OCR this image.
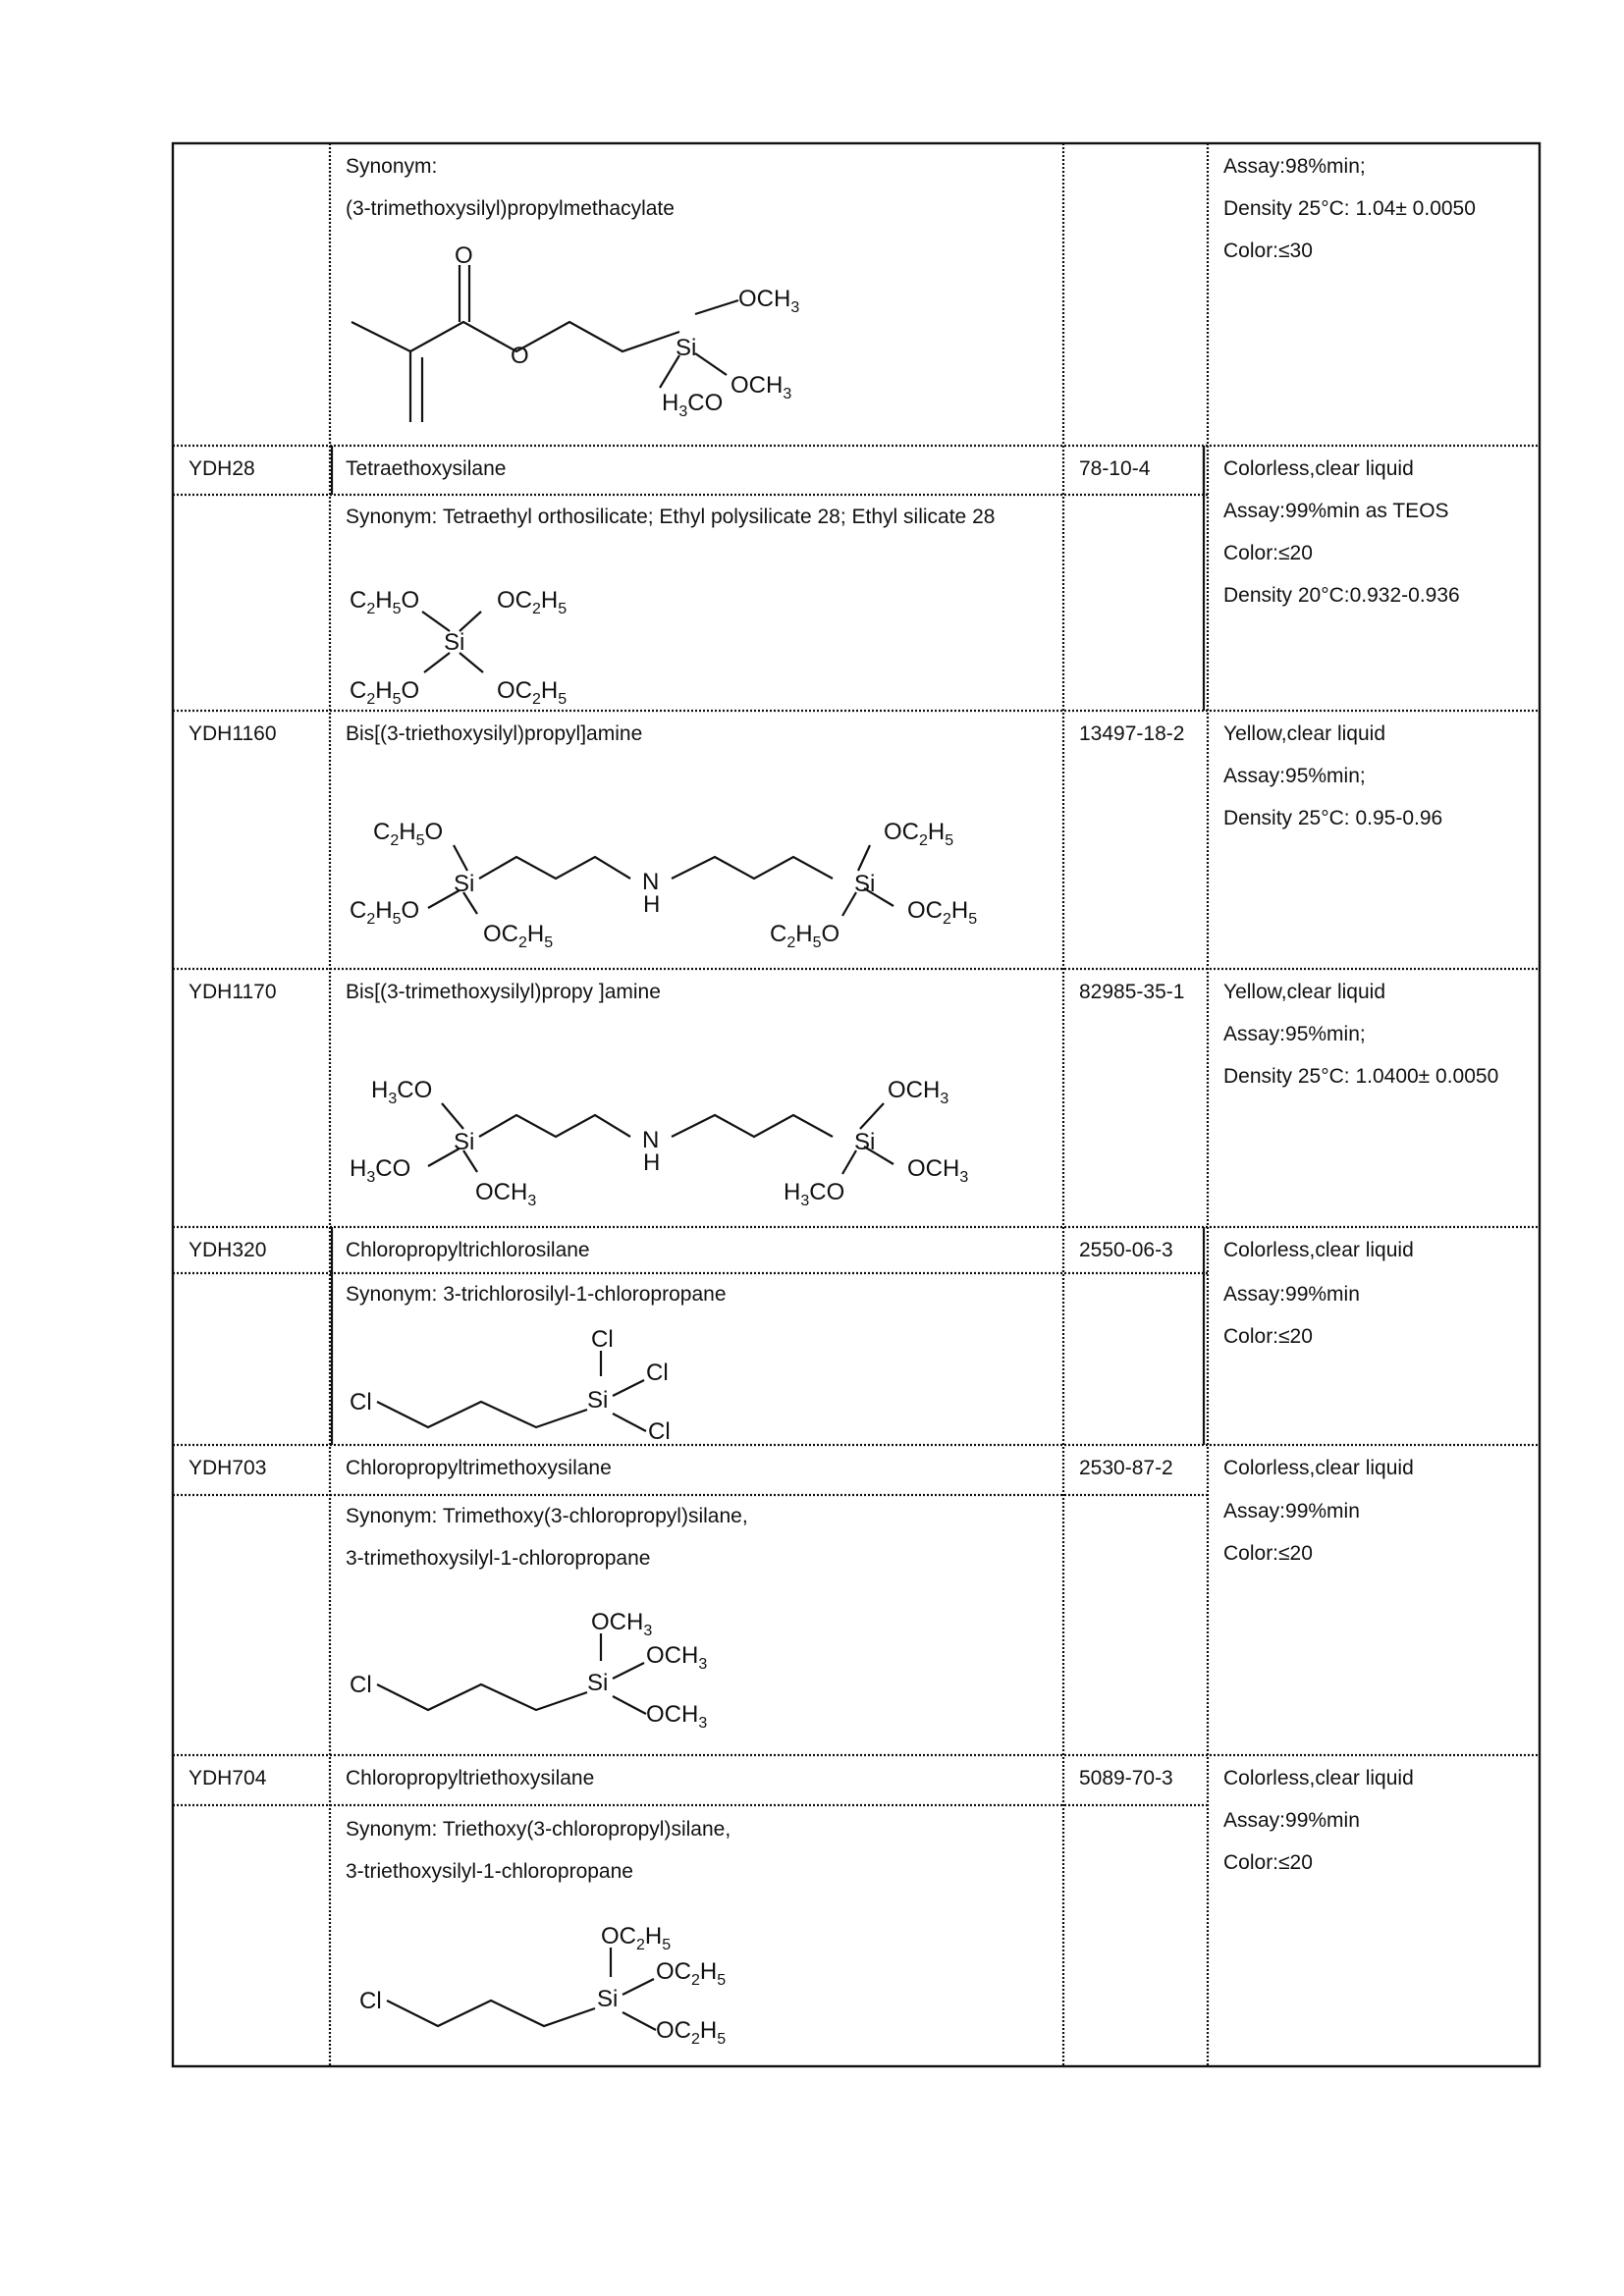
Synonym:
(3-trimethoxysilyl)propylmethacylate
Assay:98%min;
Density 25°C: 1.04± 0.0050
Color:≤30
O
O	Si
$OCH_3$
$OCH_3$
$H_3CO$
YDH28	Tetraethoxysilane	78-10-4
Synonym: Tetraethyl orthosilicate; Ethyl polysilicate 28; Ethyl silicate 28
Colorless,clear liquid
Assay:99%min as TEOS
Color:≤20
Density 20°C:0.932-0.936
$C_2H_5O$	$OC_2H_5$
Si
$C_2H_5O$	$OC_2H_5$
YDH1160	Bis[(3-triethoxysilyl)propyl]amine	13497-18-2 Yellow,clear liquid
Assay:95%min;
Density 25°C: 0.95-0.96
$C_2H_5O$
Si
$C_2H_5O$
$OC_2H_5$
N
H
$OC_2H_5$
Si
$OC_2H_5$
$C_2H_5O$
YDH1170	Bis[(3-trimethoxysilyl)propy ]amine	82985-35-1 Yellow,clear liquid
Assay:95%min;
Density 25°C: 1.0400± 0.0050
$H_3CO$
Si
$H_3CO$
$OCH_3$
N
H
$OCH_3$
Si
$OCH_3$
$H_3CO$
YDH320	Chloropropyltrichlorosilane	2550-06-3
Synonym: 3-trichlorosilyl-1-chloropropane
Colorless,clear liquid
Assay:99%min
Color:≤20
Cl	Si
Cl
Cl
Cl
YDH703	Chloropropyltrimethoxysilane	2530-87-2
Synonym: Trimethoxy(3-chloropropyl)silane,
3-trimethoxysilyl-1-chloropropane
Colorless,clear liquid
Assay:99%min
Color:≤20
Cl	Si
$OCH_3$
$OCH_3$
$OCH_3$
YDH704	Chloropropyltriethoxysilane	5089-70-3
Synonym: Triethoxy(3-chloropropyl)silane,
3-triethoxysilyl-1-chloropropane
Colorless,clear liquid
Assay:99%min
Color:≤20
Cl	Si
$OC_2H_5$
$OC_2H_5$
$OC_2H_5$
